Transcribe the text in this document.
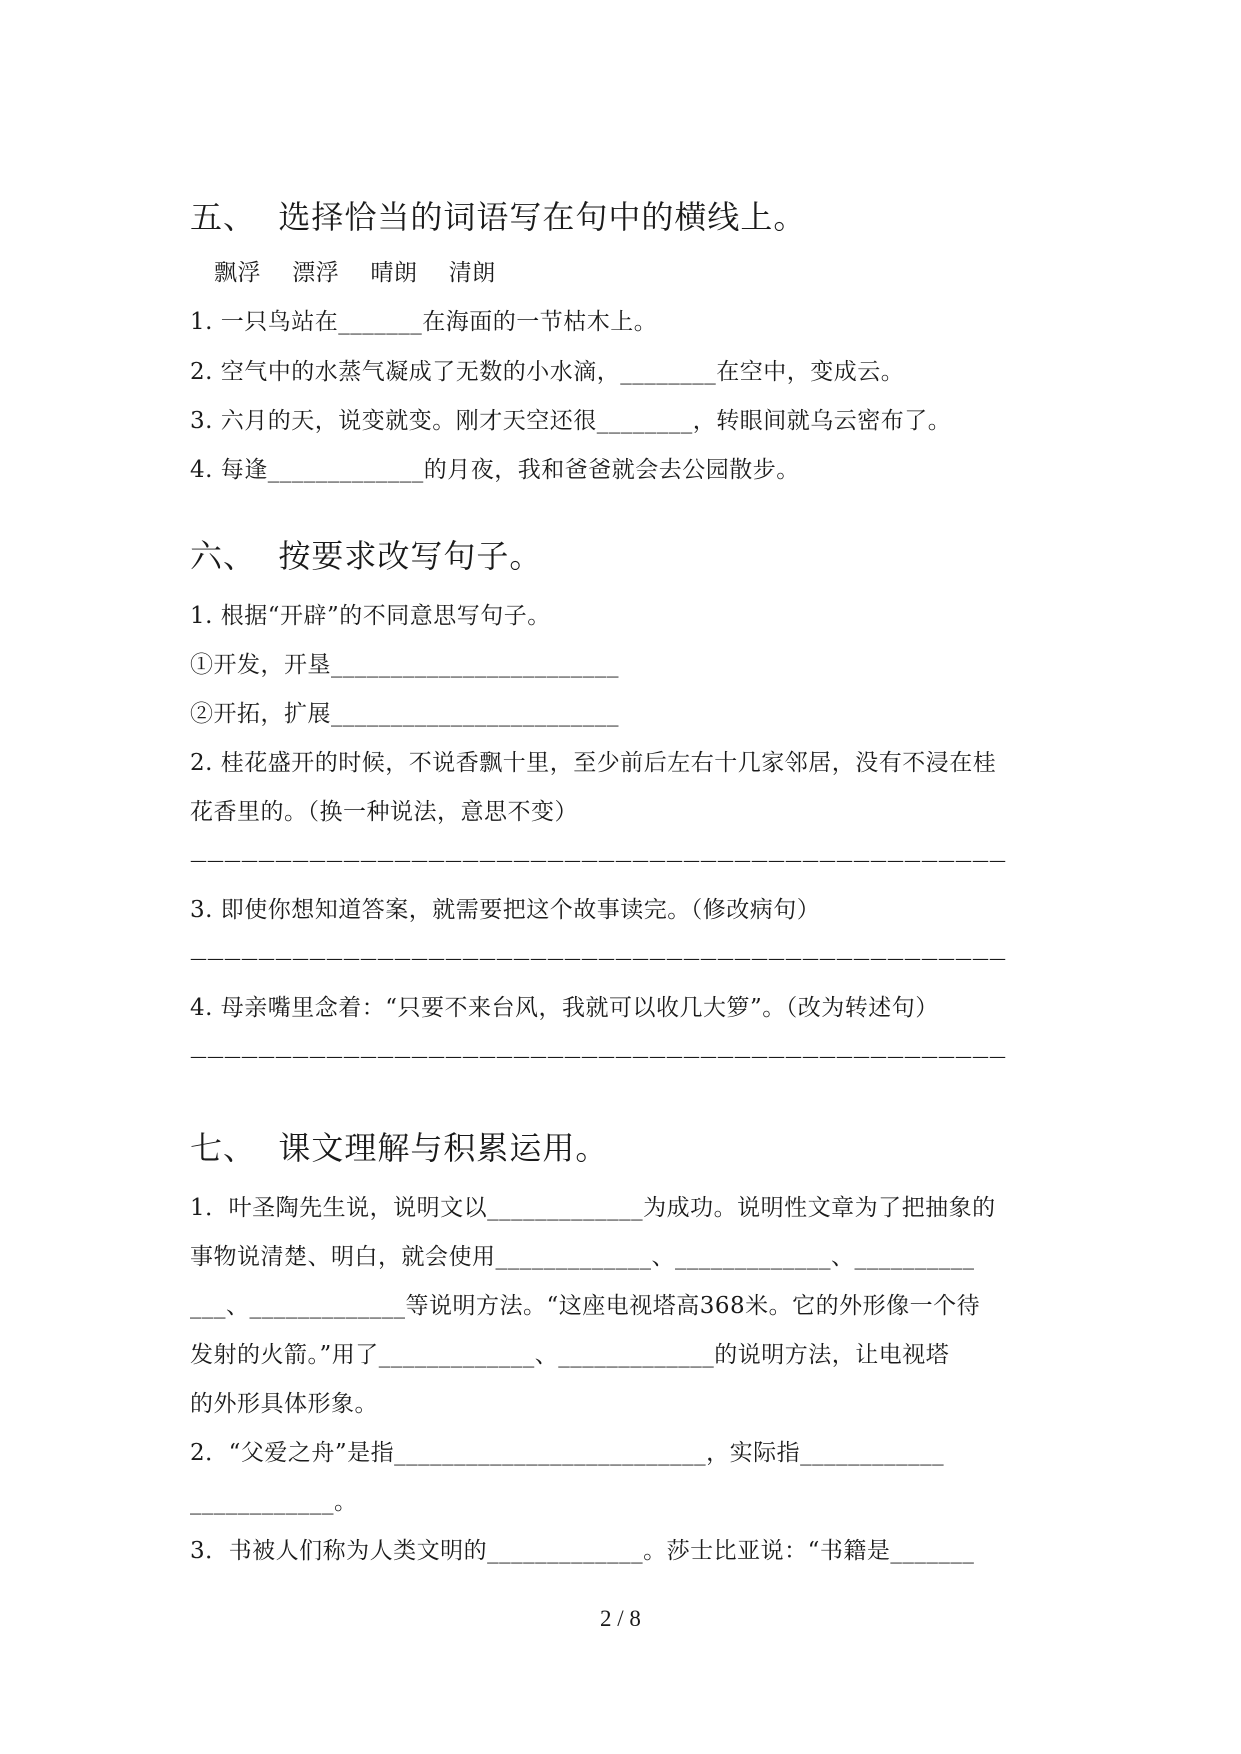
五、  选择恰当的词语写在句中的横线上。
飘浮    漂浮    晴朗    清朗
1. 一只鸟站在_______在海面的一节枯木上。
2. 空气中的水蒸气凝成了无数的小水滴，________在空中，变成云。
3. 六月的天，说变就变。刚才天空还很________，转眼间就乌云密布了。
4. 每逢_____________的月夜，我和爸爸就会去公园散步。
六、  按要求改写句子。
1. 根据“开辟”的不同意思写句子。
①开发，开垦________________________
②开拓，扩展________________________
2. 桂花盛开的时候，不说香飘十里，至少前后左右十几家邻居，没有不浸在桂
花香里的。（换一种说法，意思不变）
————————————————————————————————————————————————
3. 即使你想知道答案，就需要把这个故事读完。（修改病句）
————————————————————————————————————————————————
4. 母亲嘴里念着：“只要不来台风，我就可以收几大箩”。（改为转述句）
————————————————————————————————————————————————
七、  课文理解与积累运用。
1．叶圣陶先生说，说明文以_____________为成功。说明性文章为了把抽象的
事物说清楚、明白，就会使用_____________、_____________、__________
___、_____________等说明方法。“这座电视塔高368米。它的外形像一个待
发射的火箭。”用了_____________、_____________的说明方法，让电视塔
的外形具体形象。
2．“父爱之舟”是指__________________________，实际指____________
____________。
3．书被人们称为人类文明的_____________。莎士比亚说：“书籍是_______
2 / 8
